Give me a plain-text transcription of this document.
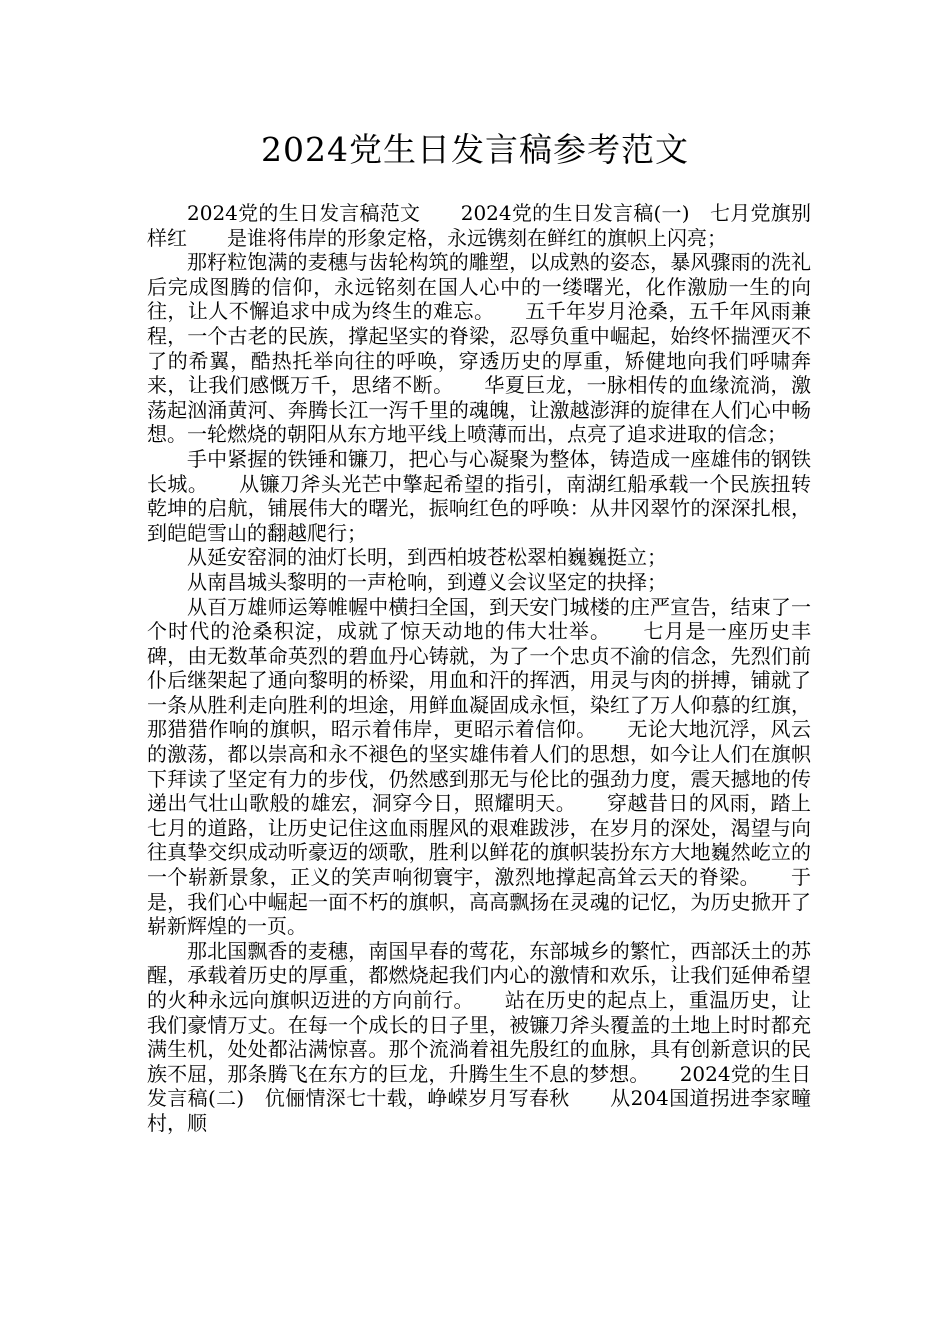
2024党生日发言稿参考范文

2024党的生日发言稿范文　　2024党的生日发言稿(一)　七月党旗别样红　　是谁将伟岸的形象定格，永远镌刻在鲜红的旗帜上闪亮；

那籽粒饱满的麦穗与齿轮构筑的雕塑，以成熟的姿态，暴风骤雨的洗礼后完成图腾的信仰，永远铭刻在国人心中的一缕曙光，化作激励一生的向往，让人不懈追求中成为终生的难忘。　　五千年岁月沧桑，五千年风雨兼程，一个古老的民族，撑起坚实的脊梁，忍辱负重中崛起，始终怀揣湮灭不了的希翼，酷热托举向往的呼唤，穿透历史的厚重，矫健地向我们呼啸奔来，让我们感慨万千，思绪不断。　　华夏巨龙，一脉相传的血缘流淌，激荡起汹涌黄河、奔腾长江一泻千里的魂魄，让激越澎湃的旋律在人们心中畅想。一轮燃烧的朝阳从东方地平线上喷薄而出，点亮了追求进取的信念；

手中紧握的铁锤和镰刀，把心与心凝聚为整体，铸造成一座雄伟的钢铁长城。　　从镰刀斧头光芒中擎起希望的指引，南湖红船承载一个民族扭转乾坤的启航，铺展伟大的曙光，振响红色的呼唤：从井冈翠竹的深深扎根，到皑皑雪山的翻越爬行；

从延安窑洞的油灯长明，到西柏坡苍松翠柏巍巍挺立；

从南昌城头黎明的一声枪响，到遵义会议坚定的抉择；

从百万雄师运筹帷幄中横扫全国，到天安门城楼的庄严宣告，结束了一个时代的沧桑积淀，成就了惊天动地的伟大壮举。　　七月是一座历史丰碑，由无数革命英烈的碧血丹心铸就，为了一个忠贞不渝的信念，先烈们前仆后继架起了通向黎明的桥梁，用血和汗的挥洒，用灵与肉的拼搏，铺就了一条从胜利走向胜利的坦途，用鲜血凝固成永恒，染红了万人仰慕的红旗，那猎猎作响的旗帜，昭示着伟岸，更昭示着信仰。　　无论大地沉浮，风云的激荡，都以崇高和永不褪色的坚实雄伟着人们的思想，如今让人们在旗帜下拜读了坚定有力的步伐，仍然感到那无与伦比的强劲力度，震天撼地的传递出气壮山歌般的雄宏，洞穿今日，照耀明天。　　穿越昔日的风雨，踏上七月的道路，让历史记住这血雨腥风的艰难跋涉，在岁月的深处，渴望与向往真挚交织成动听豪迈的颂歌，胜利以鲜花的旗帜装扮东方大地巍然屹立的一个崭新景象，正义的笑声响彻寰宇，激烈地撑起高耸云天的脊梁。　　于是，我们心中崛起一面不朽的旗帜，高高飘扬在灵魂的记忆，为历史掀开了崭新辉煌的一页。

那北国飘香的麦穗，南国早春的莺花，东部城乡的繁忙，西部沃土的苏醒，承载着历史的厚重，都燃烧起我们内心的激情和欢乐，让我们延伸希望的火种永远向旗帜迈进的方向前行。　　站在历史的起点上，重温历史，让我们豪情万丈。在每一个成长的日子里，被镰刀斧头覆盖的土地上时时都充满生机，处处都沾满惊喜。那个流淌着祖先殷红的血脉，具有创新意识的民族不屈，那条腾飞在东方的巨龙，升腾生生不息的梦想。　　2024党的生日发言稿(二)　伉俪情深七十载，峥嵘岁月写春秋　　从204国道拐进李家疃村，顺
